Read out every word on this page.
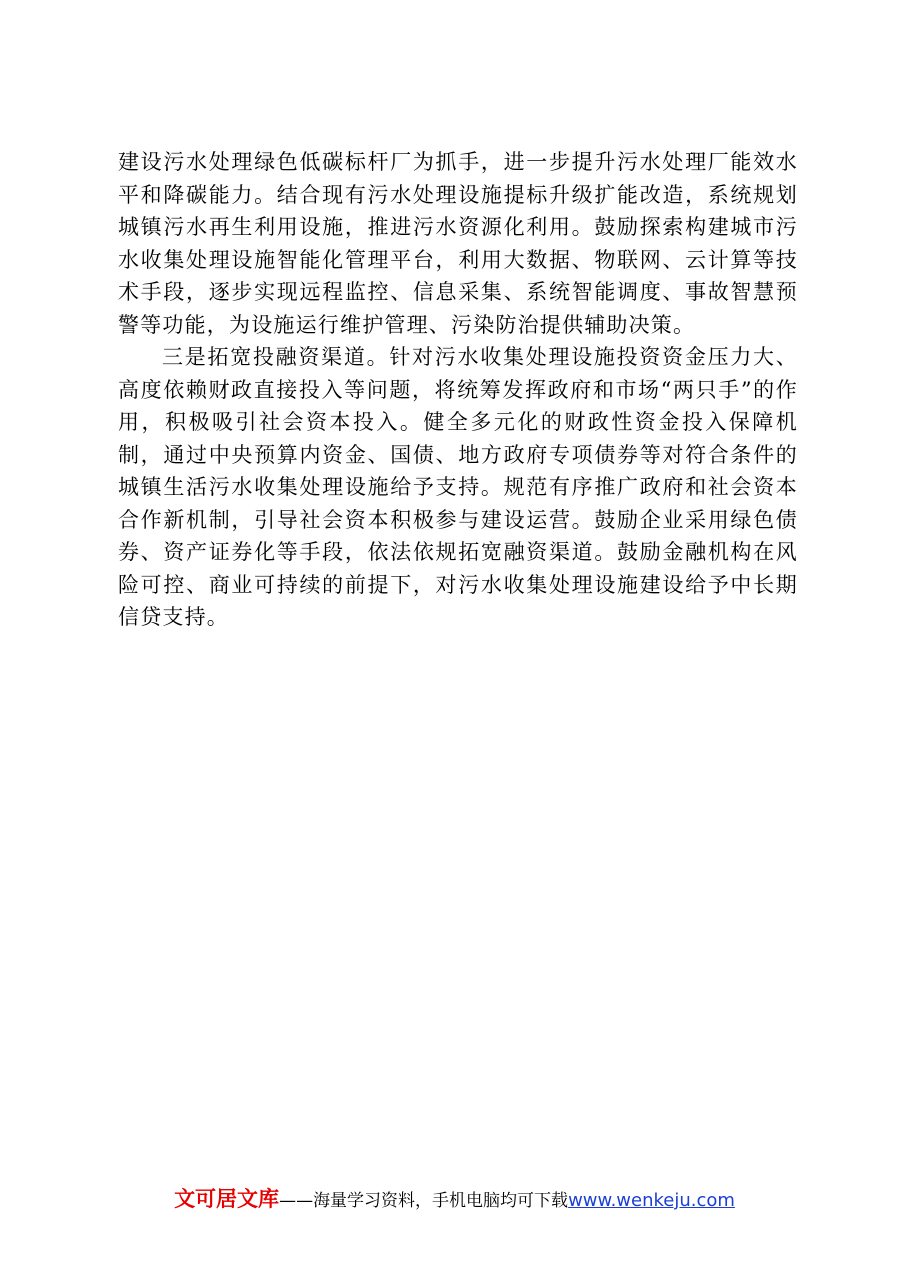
建设污水处理绿色低碳标杆厂为抓手，进一步提升污水处理厂能效水平和降碳能力。结合现有污水处理设施提标升级扩能改造，系统规划城镇污水再生利用设施，推进污水资源化利用。鼓励探索构建城市污水收集处理设施智能化管理平台，利用大数据、物联网、云计算等技术手段，逐步实现远程监控、信息采集、系统智能调度、事故智慧预警等功能，为设施运行维护管理、污染防治提供辅助决策。

三是拓宽投融资渠道。针对污水收集处理设施投资资金压力大、高度依赖财政直接投入等问题，将统筹发挥政府和市场“两只手”的作用，积极吸引社会资本投入。健全多元化的财政性资金投入保障机制，通过中央预算内资金、国债、地方政府专项债券等对符合条件的城镇生活污水收集处理设施给予支持。规范有序推广政府和社会资本合作新机制，引导社会资本积极参与建设运营。鼓励企业采用绿色债券、资产证券化等手段，依法依规拓宽融资渠道。鼓励金融机构在风险可控、商业可持续的前提下，对污水收集处理设施建设给予中长期信贷支持。

文可居文库——海量学习资料，手机电脑均可下载www.wenkeju.com
